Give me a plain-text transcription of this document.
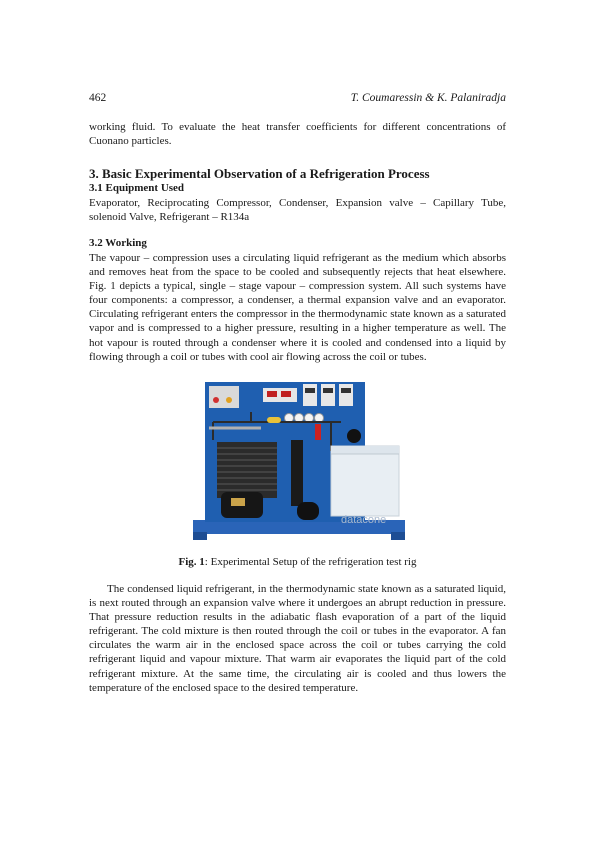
462	T. Coumaressin & K. Palaniradja
working fluid. To evaluate the heat transfer coefficients for different concentrations of Cuonano particles.
3. Basic Experimental Observation of a Refrigeration Process
3.1 Equipment Used
Evaporator, Reciprocating Compressor, Condenser, Expansion valve – Capillary Tube, solenoid Valve, Refrigerant – R134a
3.2 Working
The vapour – compression uses a circulating liquid refrigerant as the medium which absorbs and removes heat from the space to be cooled and subsequently rejects that heat elsewhere. Fig. 1 depicts a typical, single – stage vapour – compression system. All such systems have four components: a compressor, a condenser, a thermal expansion valve and an evaporator. Circulating refrigerant enters the compressor in the thermodynamic state known as a saturated vapor and is compressed to a higher pressure, resulting in a higher temperature as well. The hot vapour is routed through a condenser where it is cooled and condensed into a liquid by flowing through a coil or tubes with cool air flowing across the coil or tubes.
datacone
Fig. 1: Experimental Setup of the refrigeration test rig
The condensed liquid refrigerant, in the thermodynamic state known as a saturated liquid, is next routed through an expansion valve where it undergoes an abrupt reduction in pressure. That pressure reduction results in the adiabatic flash evaporation of a part of the liquid refrigerant. The cold mixture is then routed through the coil or tubes in the evaporator. A fan circulates the warm air in the enclosed space across the coil or tubes carrying the cold refrigerant liquid and vapour mixture. That warm air evaporates the liquid part of the cold refrigerant mixture. At the same time, the circulating air is cooled and thus lowers the temperature of the enclosed space to the desired temperature.
